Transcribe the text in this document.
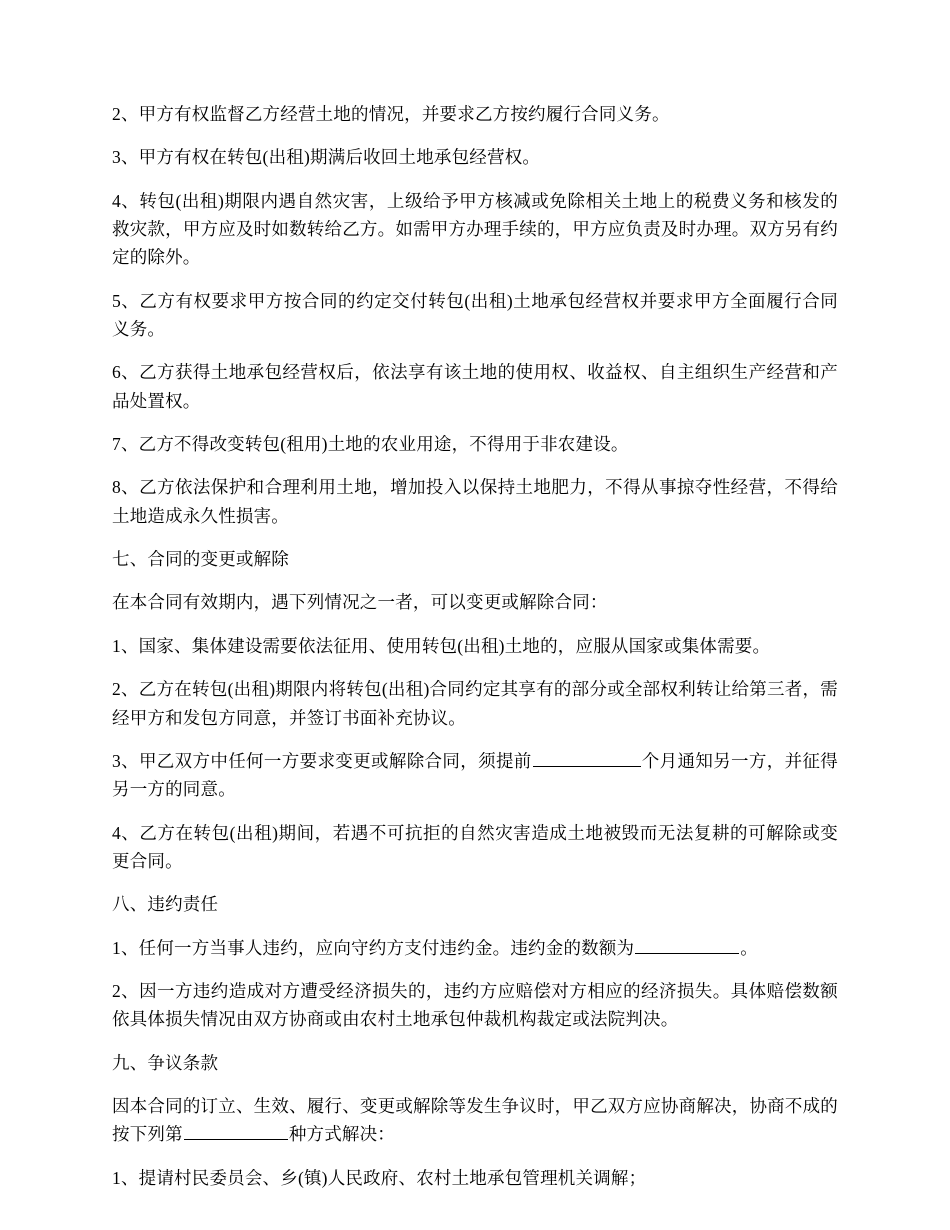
2、甲方有权监督乙方经营土地的情况，并要求乙方按约履行合同义务。

3、甲方有权在转包(出租)期满后收回土地承包经营权。

4、转包(出租)期限内遇自然灾害，上级给予甲方核减或免除相关土地上的税费义务和核发的救灾款，甲方应及时如数转给乙方。如需甲方办理手续的，甲方应负责及时办理。双方另有约定的除外。

5、乙方有权要求甲方按合同的约定交付转包(出租)土地承包经营权并要求甲方全面履行合同义务。

6、乙方获得土地承包经营权后，依法享有该土地的使用权、收益权、自主组织生产经营和产品处置权。

7、乙方不得改变转包(租用)土地的农业用途，不得用于非农建设。

8、乙方依法保护和合理利用土地，增加投入以保持土地肥力，不得从事掠夺性经营，不得给土地造成永久性损害。

七、合同的变更或解除

在本合同有效期内，遇下列情况之一者，可以变更或解除合同：

1、国家、集体建设需要依法征用、使用转包(出租)土地的，应服从国家或集体需要。

2、乙方在转包(出租)期限内将转包(出租)合同约定其享有的部分或全部权利转让给第三者，需经甲方和发包方同意，并签订书面补充协议。

3、甲乙双方中任何一方要求变更或解除合同，须提前	个月通知另一方，并征得另一方的同意。

4、乙方在转包(出租)期间，若遇不可抗拒的自然灾害造成土地被毁而无法复耕的可解除或变更合同。

八、违约责任

1、任何一方当事人违约，应向守约方支付违约金。违约金的数额为	。

2、因一方违约造成对方遭受经济损失的，违约方应赔偿对方相应的经济损失。具体赔偿数额依具体损失情况由双方协商或由农村土地承包仲裁机构裁定或法院判决。

九、争议条款

因本合同的订立、生效、履行、变更或解除等发生争议时，甲乙双方应协商解决，协商不成的按下列第	种方式解决：

1、提请村民委员会、乡(镇)人民政府、农村土地承包管理机关调解；
